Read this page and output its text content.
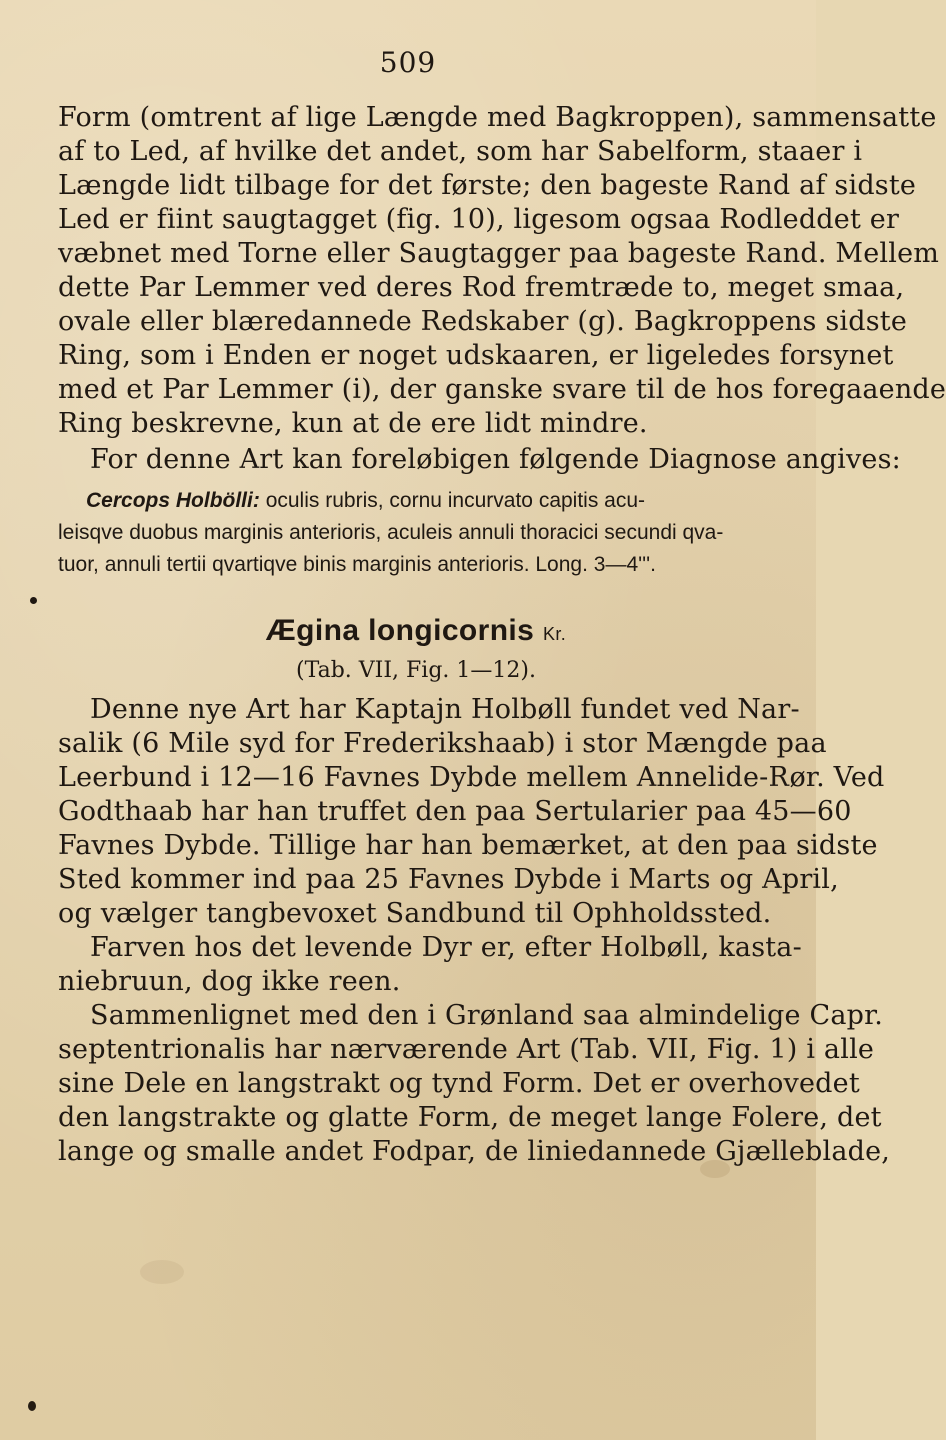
509
Form (omtrent af lige Længde med Bagkroppen), sammensatte
af to Led, af hvilke det andet, som har Sabelform, staaer i
Længde lidt tilbage for det første; den bageste Rand af sidste
Led er fiint saugtagget (fig. 10), ligesom ogsaa Rodleddet er
væbnet med Torne eller Saugtagger paa bageste Rand. Mellem
dette Par Lemmer ved deres Rod fremtræde to, meget smaa,
ovale eller blæredannede Redskaber (g). Bagkroppens sidste
Ring, som i Enden er noget udskaaren, er ligeledes forsynet
med et Par Lemmer (i), der ganske svare til de hos foregaaende
Ring beskrevne, kun at de ere lidt mindre.
For denne Art kan foreløbigen følgende Diagnose angives:
Cercops Holbölli: oculis rubris, cornu incurvato capitis acu-
leisqve duobus marginis anterioris, aculeis annuli thoracici secundi qva-
tuor, annuli tertii qvartiqve binis marginis anterioris. Long. 3—4'''.
Ægina longicornis Kr.
(Tab. VII, Fig. 1—12).
Denne nye Art har Kaptajn Holbøll fundet ved Nar-
salik (6 Mile syd for Frederikshaab) i stor Mængde paa
Leerbund i 12—16 Favnes Dybde mellem Annelide-Rør. Ved
Godthaab har han truffet den paa Sertularier paa 45—60
Favnes Dybde. Tillige har han bemærket, at den paa sidste
Sted kommer ind paa 25 Favnes Dybde i Marts og April,
og vælger tangbevoxet Sandbund til Ophholdssted.
Farven hos det levende Dyr er, efter Holbøll, kasta-
niebruun, dog ikke reen.
Sammenlignet med den i Grønland saa almindelige Capr.
septentrionalis har nærværende Art (Tab. VII, Fig. 1) i alle
sine Dele en langstrakt og tynd Form. Det er overhovedet
den langstrakte og glatte Form, de meget lange Folere, det
lange og smalle andet Fodpar, de liniedannede Gjælleblade,
